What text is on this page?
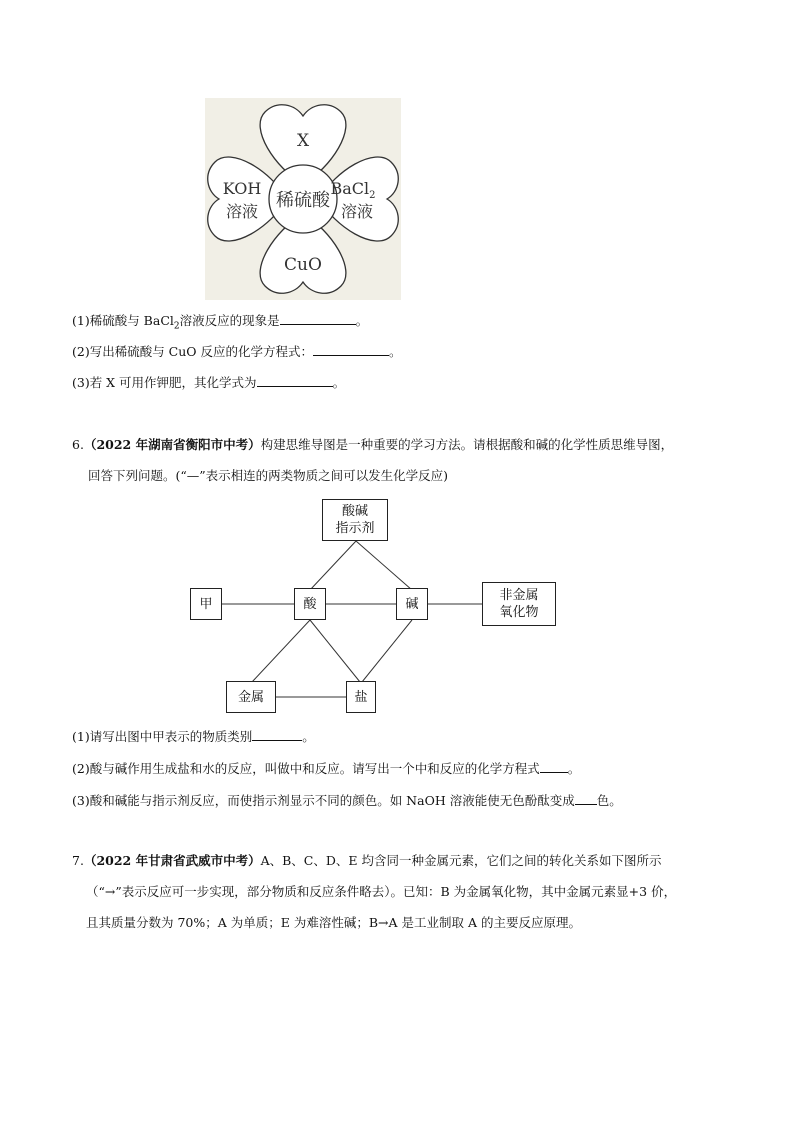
X
KOH
溶液
稀硫酸
BaCl$_2$
溶液
CuO
(1)稀硫酸与 BaCl$_2$溶液反应的现象是	。
(2)写出稀硫酸与 CuO 反应的化学方程式：	。
(3)若 X 可用作钾肥，其化学式为	。
6.（2022 年湖南省衡阳市中考）构建思维导图是一种重要的学习方法。请根据酸和碱的化学性质思维导图，
回答下列问题。(“—”表示相连的两类物质之间可以发生化学反应)
酸碱
指示剂
甲	酸	碱
非金属
氧化物
金属	盐
(1)请写出图中甲表示的物质类别	。
(2)酸与碱作用生成盐和水的反应，叫做中和反应。请写出一个中和反应的化学方程式 。
(3)酸和碱能与指示剂反应，而使指示剂显示不同的颜色。如 NaOH 溶液能使无色酚酞变成 色。
7.（2022 年甘肃省武威市中考）A、B、C、D、E 均含同一种金属元素，它们之间的转化关系如下图所示
（“→”表示反应可一步实现，部分物质和反应条件略去）。已知：B 为金属氧化物，其中金属元素显+3 价，
且其质量分数为 70%；A 为单质；E 为难溶性碱；B→A 是工业制取 A 的主要反应原理。
